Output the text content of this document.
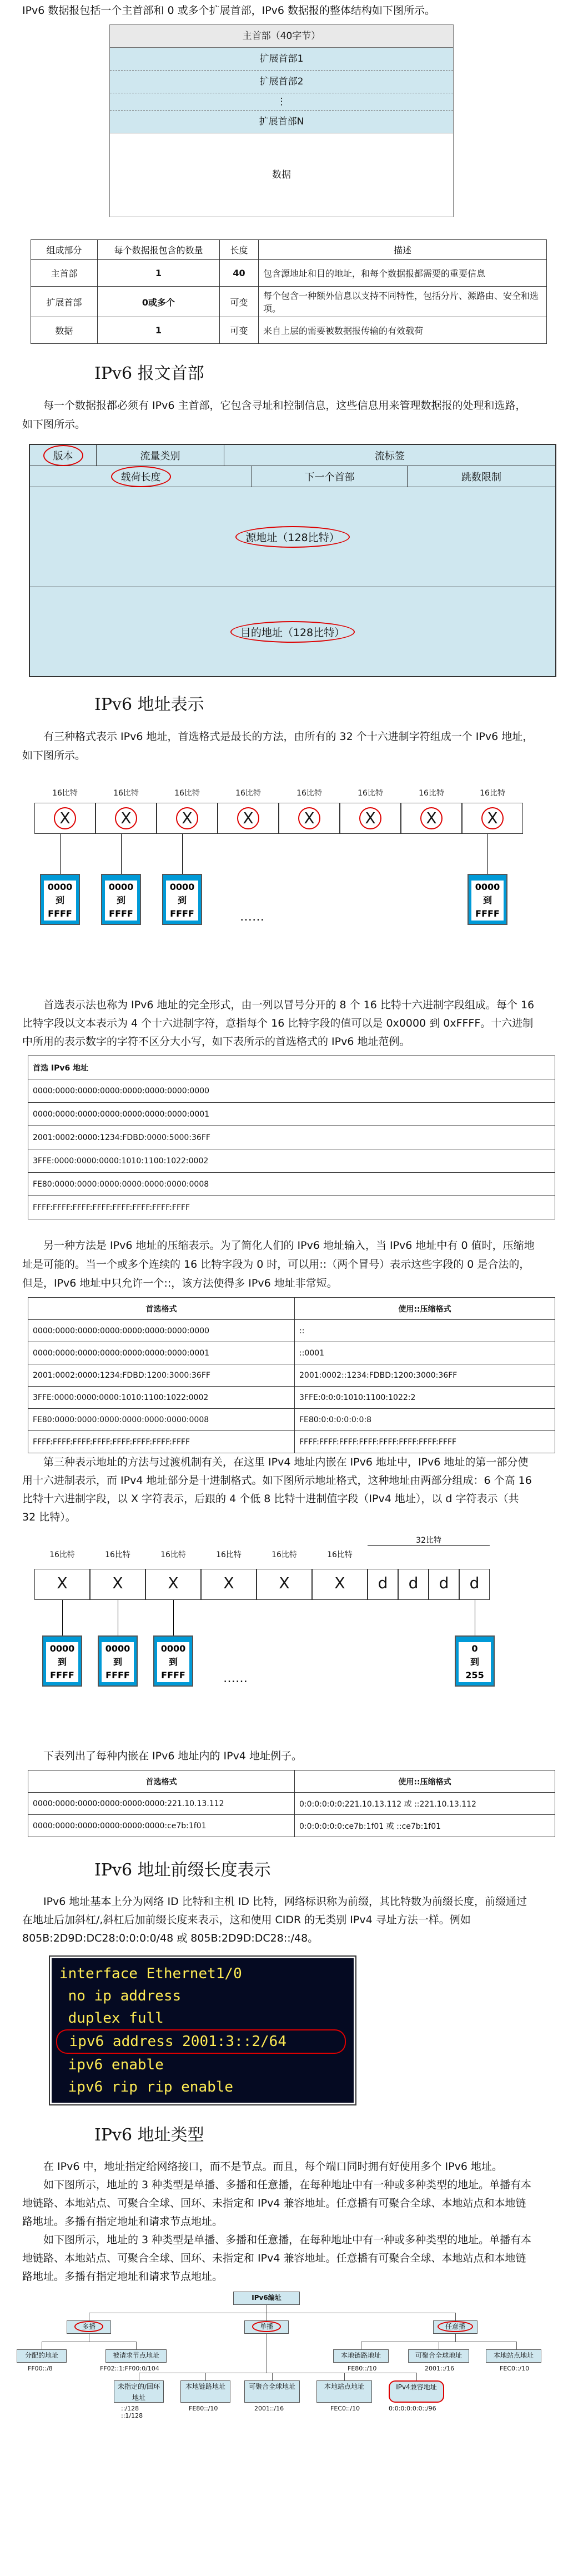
IPv6 数据报包括一个主首部和 0 或多个扩展首部，IPv6 数据报的整体结构如下图所示。

主首部（40字节）
扩展首部1
扩展首部2
⋮
扩展首部N
数据
组成部分	每个数据报包含的数量	长度	描述
主首部	1	40	包含源地址和目的地址，和每个数据报都需要的重要信息
扩展首部	0或多个	可变	每个包含一种额外信息以支持不同特性，包括分片、源路由、安全和选项。
数据	1	可变	来自上层的需要被数据报传输的有效载荷
IPv6 报文首部

每一个数据报都必须有 IPv6 主首部，它包含寻址和控制信息，这些信息用来管理数据报的处理和选路，如下图所示。

版本	流量类别	流标签
载荷长度	下一个首部	跳数限制
源地址（128比特）
目的地址（128比特）
IPv6 地址表示

有三种格式表示 IPv6 地址，首选格式是最长的方法，由所有的 32 个十六进制字符组成一个 IPv6 地址，如下图所示。

16比特
X
16比特
X
16比特
X
16比特
X
16比特
X
16比特
X
16比特
X
16比特
X
0000
到
FFFF
0000
到
FFFF
0000
到
FFFF
0000
到
FFFF
……

首选表示法也称为 IPv6 地址的完全形式，由一列以冒号分开的 8 个 16 比特十六进制字段组成。每个 16 比特字段以文本表示为 4 个十六进制字符，意指每个 16 比特字段的值可以是 0x0000 到 0xFFFF。十六进制中所用的表示数字的字符不区分大小写，如下表所示的首选格式的 IPv6 地址范例。

首选 IPv6 地址
0000:0000:0000:0000:0000:0000:0000:0000
0000:0000:0000:0000:0000:0000:0000:0001
2001:0002:0000:1234:FDBD:0000:5000:36FF
3FFE:0000:0000:0000:1010:1100:1022:0002
FE80:0000:0000:0000:0000:0000:0000:0008
FFFF:FFFF:FFFF:FFFF:FFFF:FFFF:FFFF:FFFF

另一种方法是 IPv6 地址的压缩表示。为了简化人们的 IPv6 地址输入，当 IPv6 地址中有 0 值时，压缩地址是可能的。当一个或多个连续的 16 比特字段为 0 时，可以用::（两个冒号）表示这些字段的 0 是合法的，但是，IPv6 地址中只允许一个::，该方法使得多 IPv6 地址非常短。

首选格式	使用::压缩格式
0000:0000:0000:0000:0000:0000:0000:0000	::
0000:0000:0000:0000:0000:0000:0000:0001	::0001
2001:0002:0000:1234:FDBD:1200:3000:36FF	2001:0002::1234:FDBD:1200:3000:36FF
3FFE:0000:0000:0000:1010:1100:1022:0002	3FFE:0:0:0:1010:1100:1022:2
FE80:0000:0000:0000:0000:0000:0000:0008	FE80:0:0:0:0:0:0:8
FFFF:FFFF:FFFF:FFFF:FFFF:FFFF:FFFF:FFFF	FFFF:FFFF:FFFF:FFFF:FFFF:FFFF:FFFF:FFFF

第三种表示地址的方法与过渡机制有关，在这里 IPv4 地址内嵌在 IPv6 地址中，IPv6 地址的第一部分使用十六进制表示，而 IPv4 地址部分是十进制格式。如下图所示地址格式，这种地址由两部分组成：6 个高 16 比特十六进制字段，以 X 字符表示，后跟的 4 个低 8 比特十进制值字段（IPv4 地址），以 d 字符表示（共 32 比特）。

16比特
X
16比特
X
16比特
X
16比特
X
16比特
X
16比特
X
32比特
d	d	d	d
0000
到
FFFF
0000
到
FFFF
0000
到
FFFF
0
到
255
……

下表列出了每种内嵌在 IPv6 地址内的 IPv4 地址例子。

首选格式	使用::压缩格式
0000:0000:0000:0000:0000:0000:221.10.13.112	0:0:0:0:0:0:221.10.13.112 或 ::221.10.13.112
0000:0000:0000:0000:0000:0000:ce7b:1f01	0:0:0:0:0:0:ce7b:1f01 或 ::ce7b:1f01
IPv6 地址前缀长度表示

IPv6 地址基本上分为网络 ID 比特和主机 ID 比特，网络标识称为前缀，其比特数为前缀长度，前缀通过在地址后加斜杠/,斜杠后加前缀长度来表示，这和使用 CIDR 的无类别 IPv4 寻址方法一样。例如 805B:2D9D:DC28:0:0:0:0/48 或 805B:2D9D:DC28::/48。

interface Ethernet1/0
no ip address
duplex full
ipv6 address 2001:3::2/64
ipv6 enable
ipv6 rip rip enable
IPv6 地址类型

在 IPv6 中，地址指定给网络接口，而不是节点。而且，每个端口同时拥有好使用多个 IPv6 地址。

如下图所示，地址的 3 种类型是单播、多播和任意播，在每种地址中有一种或多种类型的地址。单播有本地链路、本地站点、可聚合全球、回环、未指定和 IPv4 兼容地址。任意播有可聚合全球、本地站点和本地链路地址。多播有指定地址和请求节点地址。

如下图所示，地址的 3 种类型是单播、多播和任意播，在每种地址中有一种或多种类型的地址。单播有本地链路、本地站点、可聚合全球、回环、未指定和 IPv4 兼容地址。任意播有可聚合全球、本地站点和本地链路地址。多播有指定地址和请求节点地址。

IPv6编址
多播	单播	任意播
分配的地址
FF00::/8
被请求节点地址
FF02::1:FF00:0/104
本地链路地址
FE80::/10
可聚合全球地址
2001::/16
本地站点地址
FEC0::/10
未指定的/回环地址
::/128 ::1/128
本地链路地址
FE80::/10
可聚合全球地址
2001::/16
本地站点地址
FEC0::/10
IPv4兼容地址
0:0:0:0:0:0::/96
